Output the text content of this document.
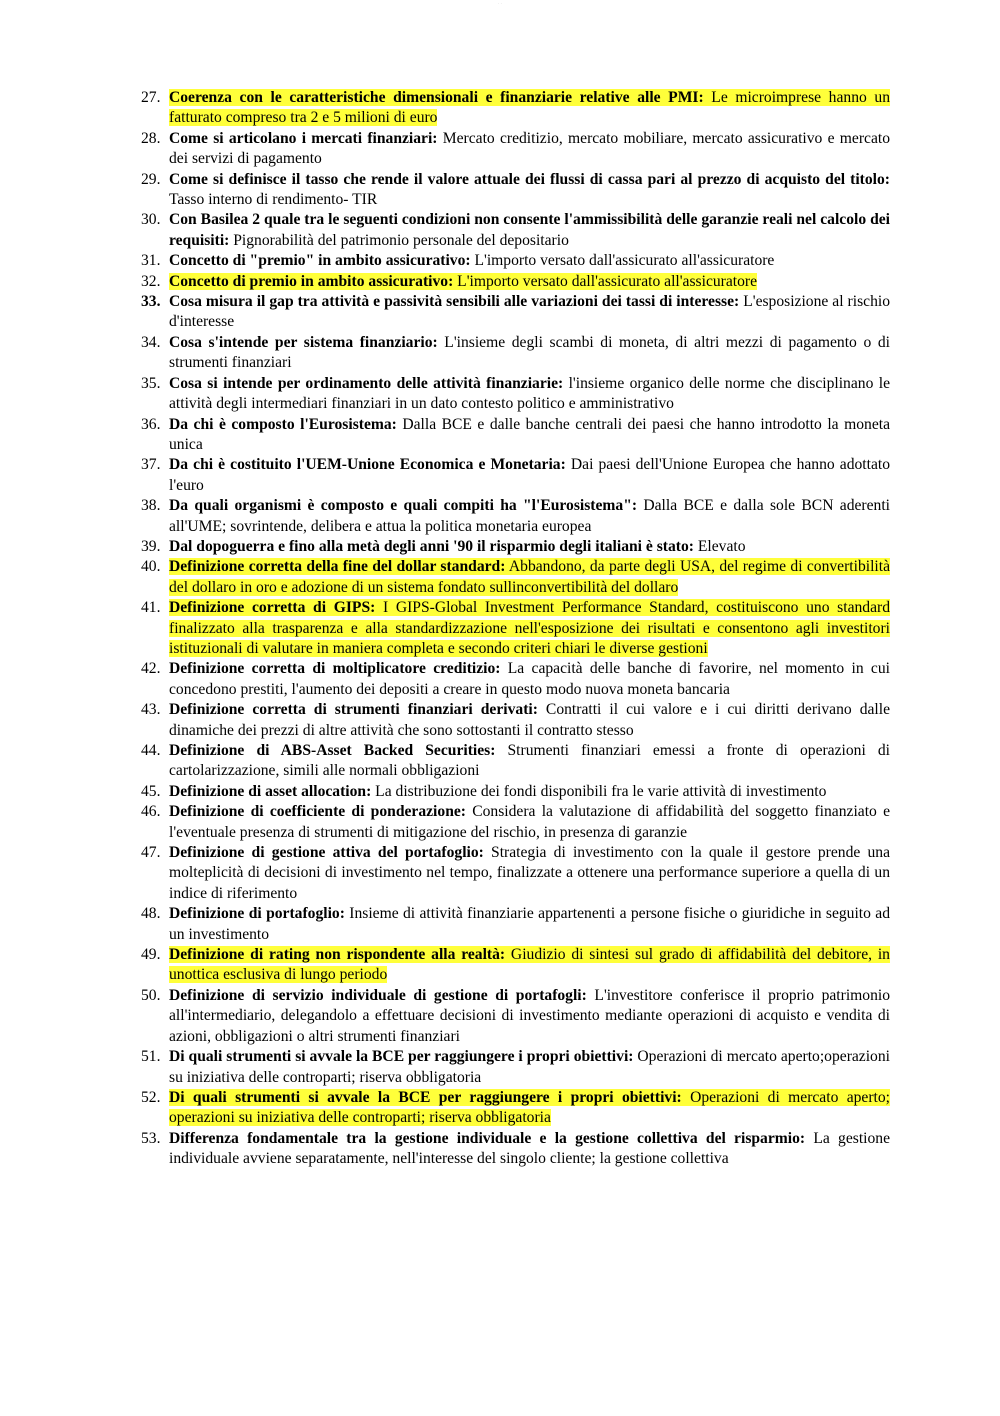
· ·
27. Coerenza con le caratteristiche dimensionali e finanziarie relative alle PMI: Le microimprese hanno un fatturato compreso tra 2 e 5 milioni di euro
28. Come si articolano i mercati finanziari: Mercato creditizio, mercato mobiliare, mercato assicurativo e mercato dei servizi di pagamento
29. Come si definisce il tasso che rende il valore attuale dei flussi di cassa pari al prezzo di acquisto del titolo: Tasso interno di rendimento- TIR
30. Con Basilea 2 quale tra le seguenti condizioni non consente l'ammissibilità delle garanzie reali nel calcolo dei requisiti: Pignorabilità del patrimonio personale del depositario
31. Concetto di "premio" in ambito assicurativo: L'importo versato dall'assicurato all'assicuratore
32. Concetto di premio in ambito assicurativo: L'importo versato dall'assicurato all'assicuratore
33. Cosa misura il gap tra attività e passività sensibili alle variazioni dei tassi di interesse: L'esposizione al rischio d'interesse
34. Cosa s'intende per sistema finanziario: L'insieme degli scambi di moneta, di altri mezzi di pagamento o di strumenti finanziari
35. Cosa si intende per ordinamento delle attività finanziarie: l'insieme organico delle norme che disciplinano le attività degli intermediari finanziari in un dato contesto politico e amministrativo
36. Da chi è composto l'Eurosistema: Dalla BCE e dalle banche centrali dei paesi che hanno introdotto la moneta unica
37. Da chi è costituito l'UEM-Unione Economica e Monetaria: Dai paesi dell'Unione Europea che hanno adottato l'euro
38. Da quali organismi è composto e quali compiti ha "l'Eurosistema": Dalla BCE e dalla sole BCN aderenti all'UME; sovrintende, delibera e attua la politica monetaria europea
39. Dal dopoguerra e fino alla metà degli anni '90 il risparmio degli italiani è stato: Elevato
40. Definizione corretta della fine del dollar standard: Abbandono, da parte degli USA, del regime di convertibilità del dollaro in oro e adozione di un sistema fondato sullinconvertibilità del dollaro
41. Definizione corretta di GIPS: I GIPS-Global Investment Performance Standard, costituiscono uno standard finalizzato alla trasparenza e alla standardizzazione nell'esposizione dei risultati e consentono agli investitori istituzionali di valutare in maniera completa e secondo criteri chiari le diverse gestioni
42. Definizione corretta di moltiplicatore creditizio: La capacità delle banche di favorire, nel momento in cui concedono prestiti, l'aumento dei depositi a creare in questo modo nuova moneta bancaria
43. Definizione corretta di strumenti finanziari derivati: Contratti il cui valore e i cui diritti derivano dalle dinamiche dei prezzi di altre attività che sono sottostanti il contratto stesso
44. Definizione di ABS-Asset Backed Securities: Strumenti finanziari emessi a fronte di operazioni di cartolarizzazione, simili alle normali obbligazioni
45. Definizione di asset allocation: La distribuzione dei fondi disponibili fra le varie attività di investimento
46. Definizione di coefficiente di ponderazione: Considera la valutazione di affidabilità del soggetto finanziato e l'eventuale presenza di strumenti di mitigazione del rischio, in presenza di garanzie
47. Definizione di gestione attiva del portafoglio: Strategia di investimento con la quale il gestore prende una molteplicità di decisioni di investimento nel tempo, finalizzate a ottenere una performance superiore a quella di un indice di riferimento
48. Definizione di portafoglio: Insieme di attività finanziarie appartenenti a persone fisiche o giuridiche in seguito ad un investimento
49. Definizione di rating non rispondente alla realtà: Giudizio di sintesi sul grado di affidabilità del debitore, in unottica esclusiva di lungo periodo
50. Definizione di servizio individuale di gestione di portafogli: L'investitore conferisce il proprio patrimonio all'intermediario, delegandolo a effettuare decisioni di investimento mediante operazioni di acquisto e vendita di azioni, obbligazioni o altri strumenti finanziari
51. Di quali strumenti si avvale la BCE per raggiungere i propri obiettivi: Operazioni di mercato aperto;operazioni su iniziativa delle controparti; riserva obbligatoria
52. Di quali strumenti si avvale la BCE per raggiungere i propri obiettivi: Operazioni di mercato aperto; operazioni su iniziativa delle controparti; riserva obbligatoria
53. Differenza fondamentale tra la gestione individuale e la gestione collettiva del risparmio: La gestione individuale avviene separatamente, nell'interesse del singolo cliente; la gestione collettiva
